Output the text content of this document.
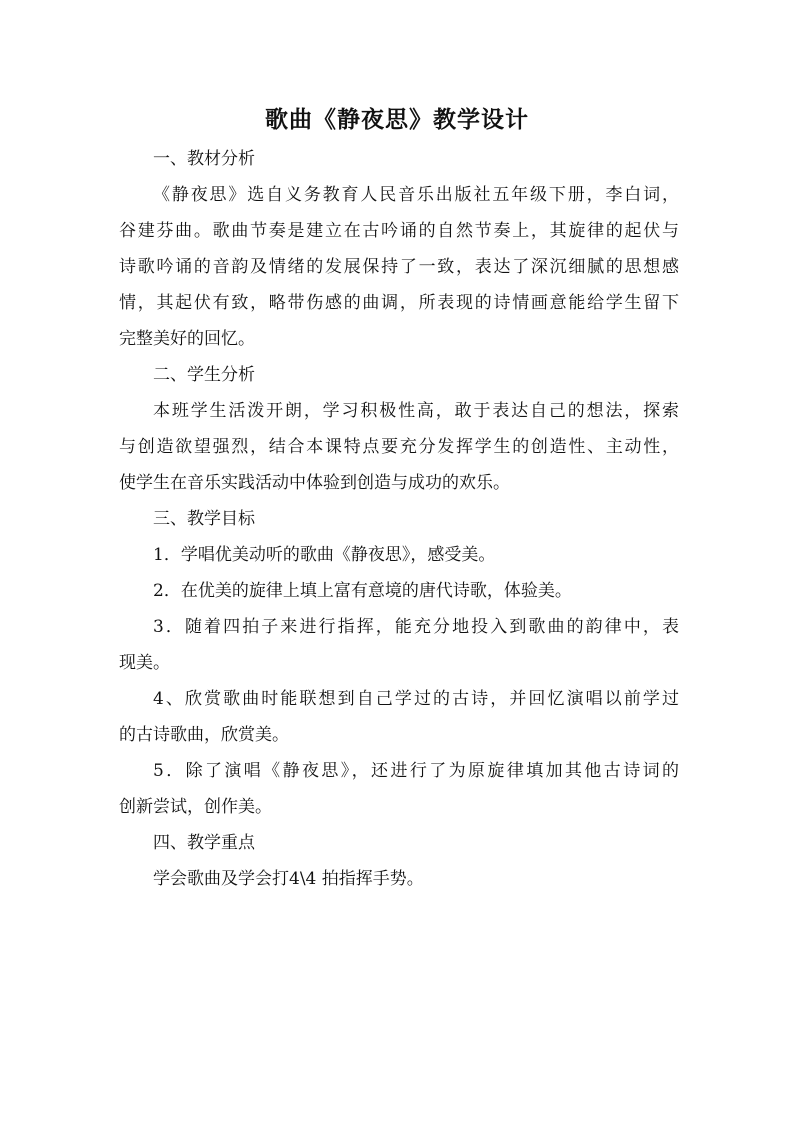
歌曲《静夜思》教学设计
一、教材分析
《静夜思》选自义务教育人民音乐出版社五年级下册，李白词，
谷建芬曲。歌曲节奏是建立在古吟诵的自然节奏上，其旋律的起伏与
诗歌吟诵的音韵及情绪的发展保持了一致，表达了深沉细腻的思想感
情，其起伏有致，略带伤感的曲调，所表现的诗情画意能给学生留下
完整美好的回忆。
二、学生分析
本班学生活泼开朗，学习积极性高，敢于表达自己的想法，探索
与创造欲望强烈，结合本课特点要充分发挥学生的创造性、主动性，
使学生在音乐实践活动中体验到创造与成功的欢乐。
三、教学目标
1．学唱优美动听的歌曲《静夜思》，感受美。
2．在优美的旋律上填上富有意境的唐代诗歌，体验美。
3．随着四拍子来进行指挥，能充分地投入到歌曲的韵律中，表
现美。
4、欣赏歌曲时能联想到自己学过的古诗，并回忆演唱以前学过
的古诗歌曲，欣赏美。
5．除了演唱《静夜思》，还进行了为原旋律填加其他古诗词的
创新尝试，创作美。
四、教学重点
学会歌曲及学会打4\4 拍指挥手势。
